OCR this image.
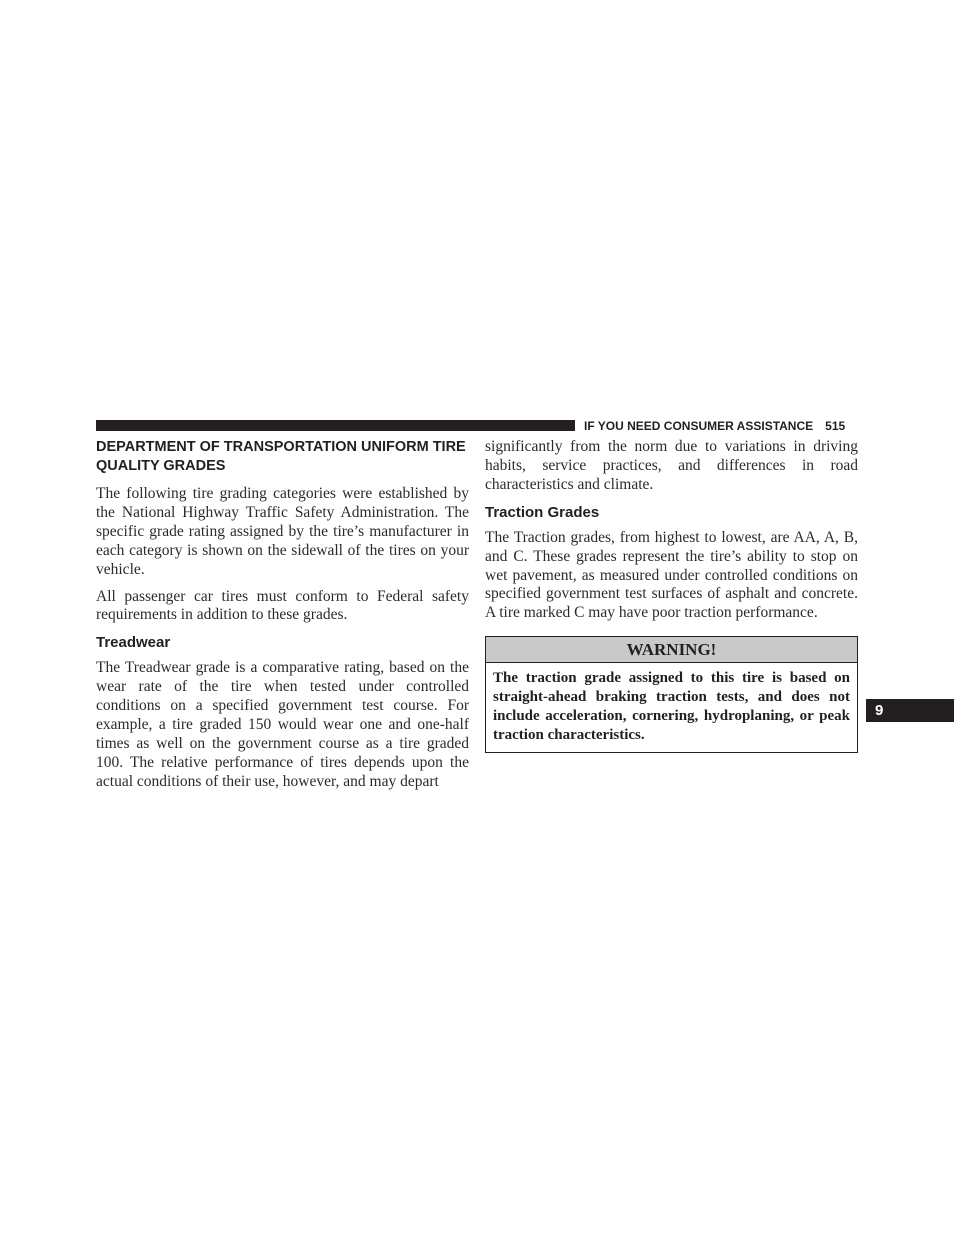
IF YOU NEED CONSUMER ASSISTANCE 515
DEPARTMENT OF TRANSPORTATION UNIFORM TIRE QUALITY GRADES

The following tire grading categories were established by the National Highway Traffic Safety Administration. The specific grade rating assigned by the tire’s manufacturer in each category is shown on the sidewall of the tires on your vehicle.

All passenger car tires must conform to Federal safety requirements in addition to these grades.

Treadwear

The Treadwear grade is a comparative rating, based on the wear rate of the tire when tested under controlled conditions on a specified government test course. For example, a tire graded 150 would wear one and one-half times as well on the government course as a tire graded 100. The relative performance of tires depends upon the actual conditions of their use, however, and may depart

significantly from the norm due to variations in driving habits, service practices, and differences in road characteristics and climate.

Traction Grades

The Traction grades, from highest to lowest, are AA, A, B, and C. These grades represent the tire’s ability to stop on wet pavement, as measured under controlled conditions on specified government test surfaces of asphalt and concrete. A tire marked C may have poor traction performance.

WARNING!
The traction grade assigned to this tire is based on straight-ahead braking traction tests, and does not include acceleration, cornering, hydroplaning, or peak traction characteristics.
9
